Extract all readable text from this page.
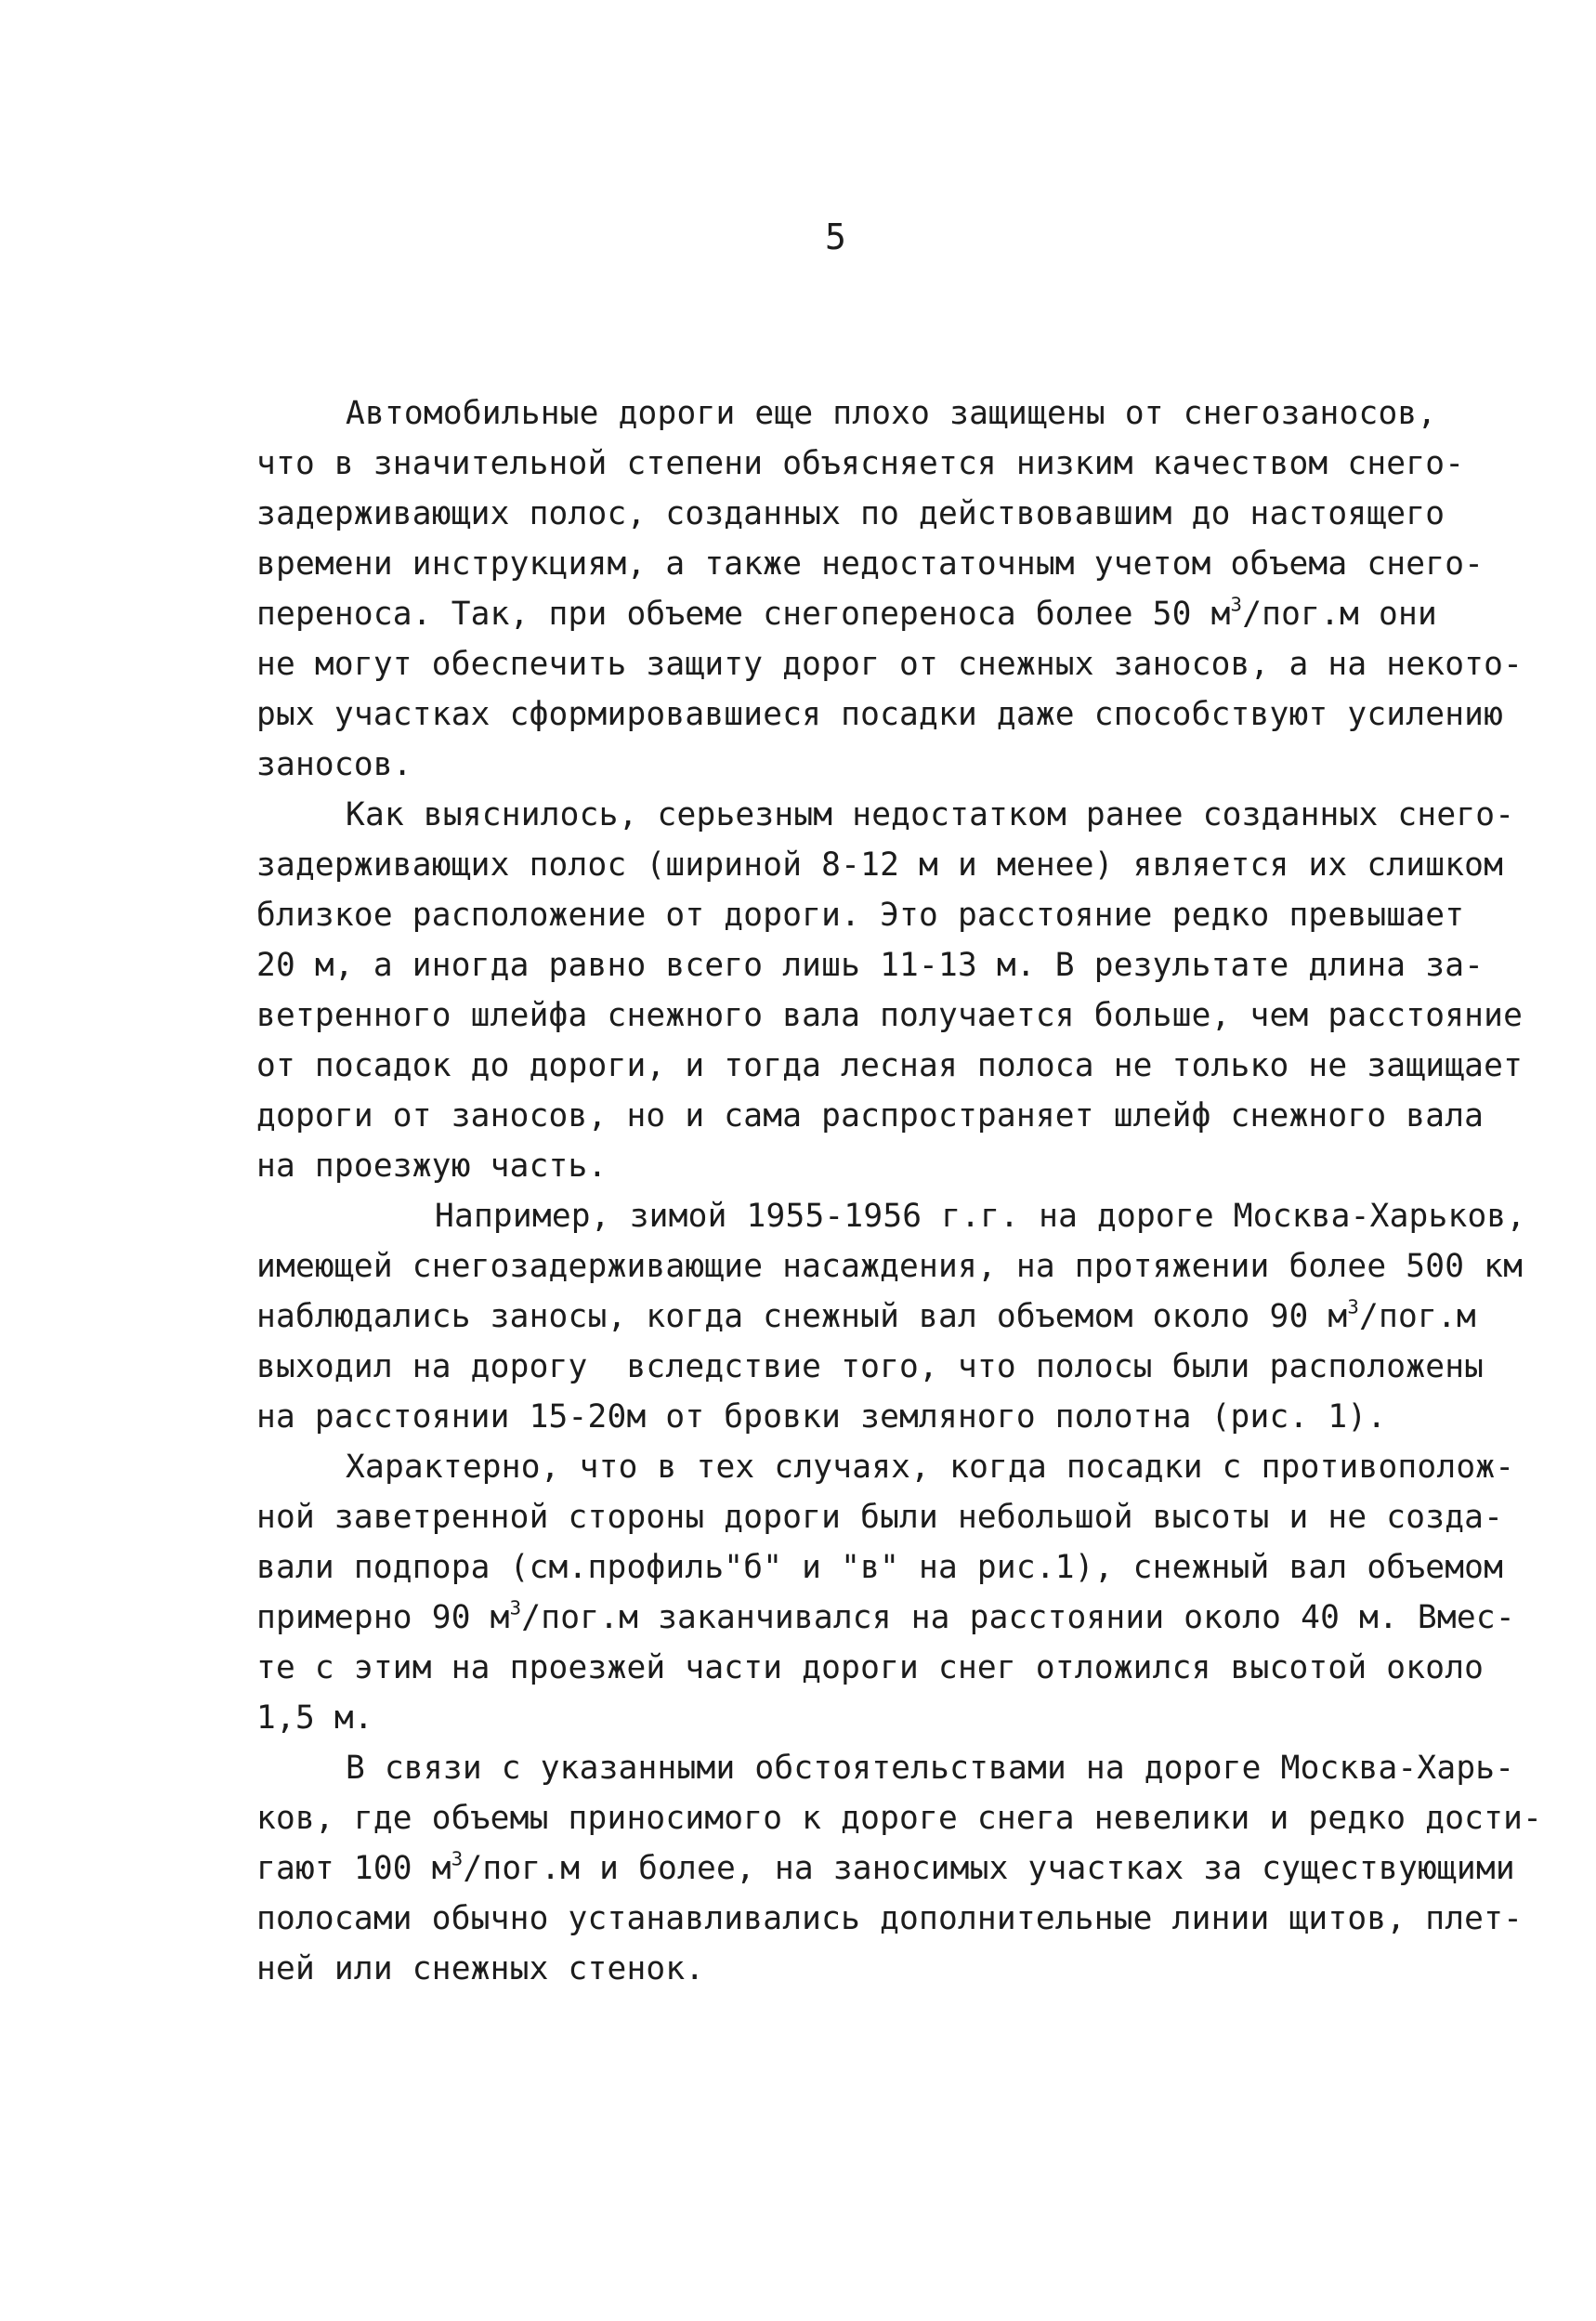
5
Автомобильные дороги еще плохо защищены от снегозаносов,
что в значительной степени объясняется низким качеством снего-
задерживающих полос, созданных по действовавшим до настоящего
времени инструкциям, а также недостаточным учетом объема снего-
переноса. Так, при объеме снегопереноса более 50 $м^3/пог.м$ они
не могут обеспечить защиту дорог от снежных заносов, а на некото-
рых участках сформировавшиеся посадки даже способствуют усилению
заносов.
Как выяснилось, серьезным недостатком ранее созданных снего-
задерживающих полос (шириной 8-12 м и менее) является их слишком
близкое расположение от дороги. Это расстояние редко превышает
20 м, а иногда равно всего лишь 11-13 м. В результате длина за-
ветренного шлейфа снежного вала получается больше, чем расстояние
от посадок до дороги, и тогда лесная полоса не только не защищает
дороги от заносов, но и сама распространяет шлейф снежного вала
на проезжую часть.
Например, зимой 1955-1956 г.г. на дороге Москва-Харьков,
имеющей снегозадерживающие насаждения, на протяжении более 500 км
наблюдались заносы, когда снежный вал объемом около 90 $м^3/пог.м$
выходил на дорогу  вследствие того, что полосы были расположены
на расстоянии 15-20м от бровки земляного полотна (рис. 1).
Характерно, что в тех случаях, когда посадки с противополож-
ной заветренной стороны дороги были небольшой высоты и не созда-
вали подпора (см.профиль"б" и "в" на рис.1), снежный вал объемом
примерно 90 $м^3/пог.м$ заканчивался на расстоянии около 40 м. Вмес-
те с этим на проезжей части дороги снег отложился высотой около
1,5 м.
В связи с указанными обстоятельствами на дороге Москва-Харь-
ков, где объемы приносимого к дороге снега невелики и редко дости-
гают 100 $м^3/пог.м$ и более, на заносимых участках за существующими
полосами обычно устанавливались дополнительные линии щитов, плет-
ней или снежных стенок.
